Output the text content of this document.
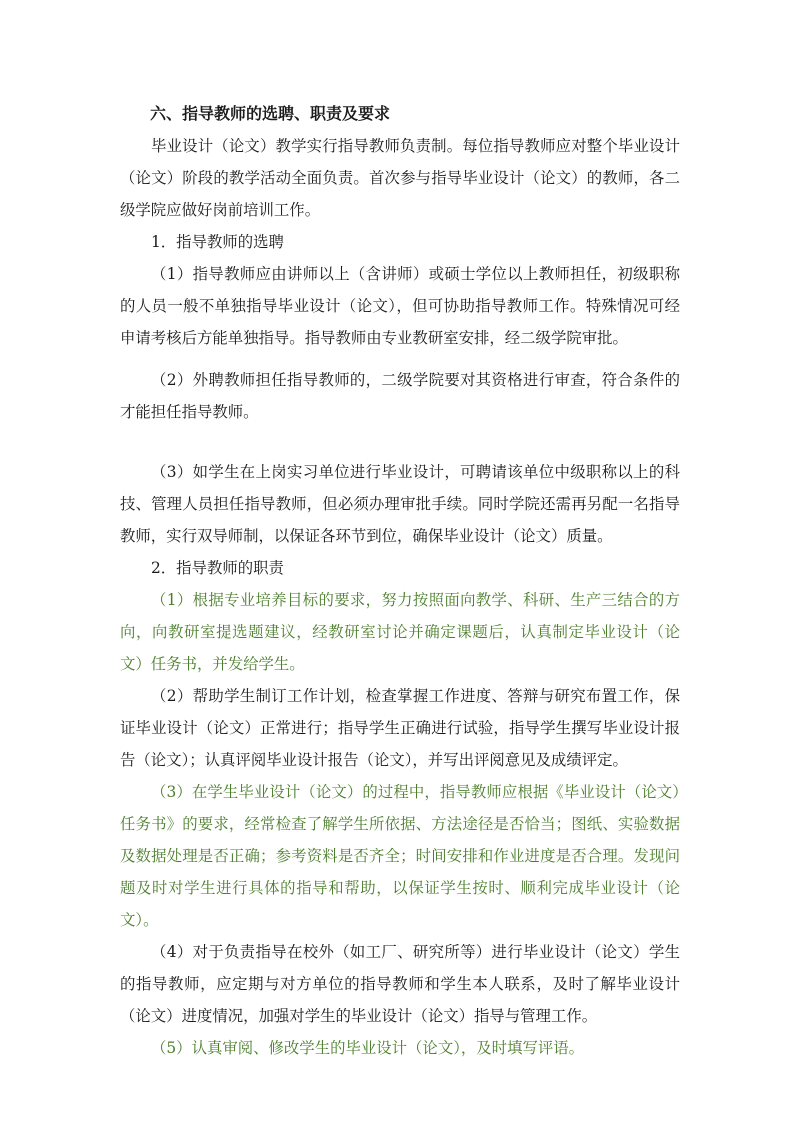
六、指导教师的选聘、职责及要求

毕业设计（论文）教学实行指导教师负责制。每位指导教师应对整个毕业设计（论文）阶段的教学活动全面负责。首次参与指导毕业设计（论文）的教师，各二级学院应做好岗前培训工作。

1．指导教师的选聘

（1）指导教师应由讲师以上（含讲师）或硕士学位以上教师担任，初级职称的人员一般不单独指导毕业设计（论文），但可协助指导教师工作。特殊情况可经申请考核后方能单独指导。指导教师由专业教研室安排，经二级学院审批。

（2）外聘教师担任指导教师的，二级学院要对其资格进行审查，符合条件的才能担任指导教师。

（3）如学生在上岗实习单位进行毕业设计，可聘请该单位中级职称以上的科技、管理人员担任指导教师，但必须办理审批手续。同时学院还需再另配一名指导教师，实行双导师制，以保证各环节到位，确保毕业设计（论文）质量。

2．指导教师的职责

（1）根据专业培养目标的要求，努力按照面向教学、科研、生产三结合的方向，向教研室提选题建议，经教研室讨论并确定课题后，认真制定毕业设计（论文）任务书，并发给学生。

（2）帮助学生制订工作计划，检查掌握工作进度、答辩与研究布置工作，保证毕业设计（论文）正常进行；指导学生正确进行试验，指导学生撰写毕业设计报告（论文）；认真评阅毕业设计报告（论文），并写出评阅意见及成绩评定。

（3）在学生毕业设计（论文）的过程中，指导教师应根据《毕业设计（论文）任务书》的要求，经常检查了解学生所依据、方法途径是否恰当；图纸、实验数据及数据处理是否正确；参考资料是否齐全；时间安排和作业进度是否合理。发现问题及时对学生进行具体的指导和帮助，以保证学生按时、顺利完成毕业设计（论文）。

（4）对于负责指导在校外（如工厂、研究所等）进行毕业设计（论文）学生的指导教师，应定期与对方单位的指导教师和学生本人联系，及时了解毕业设计（论文）进度情况，加强对学生的毕业设计（论文）指导与管理工作。

（5）认真审阅、修改学生的毕业设计（论文），及时填写评语。
